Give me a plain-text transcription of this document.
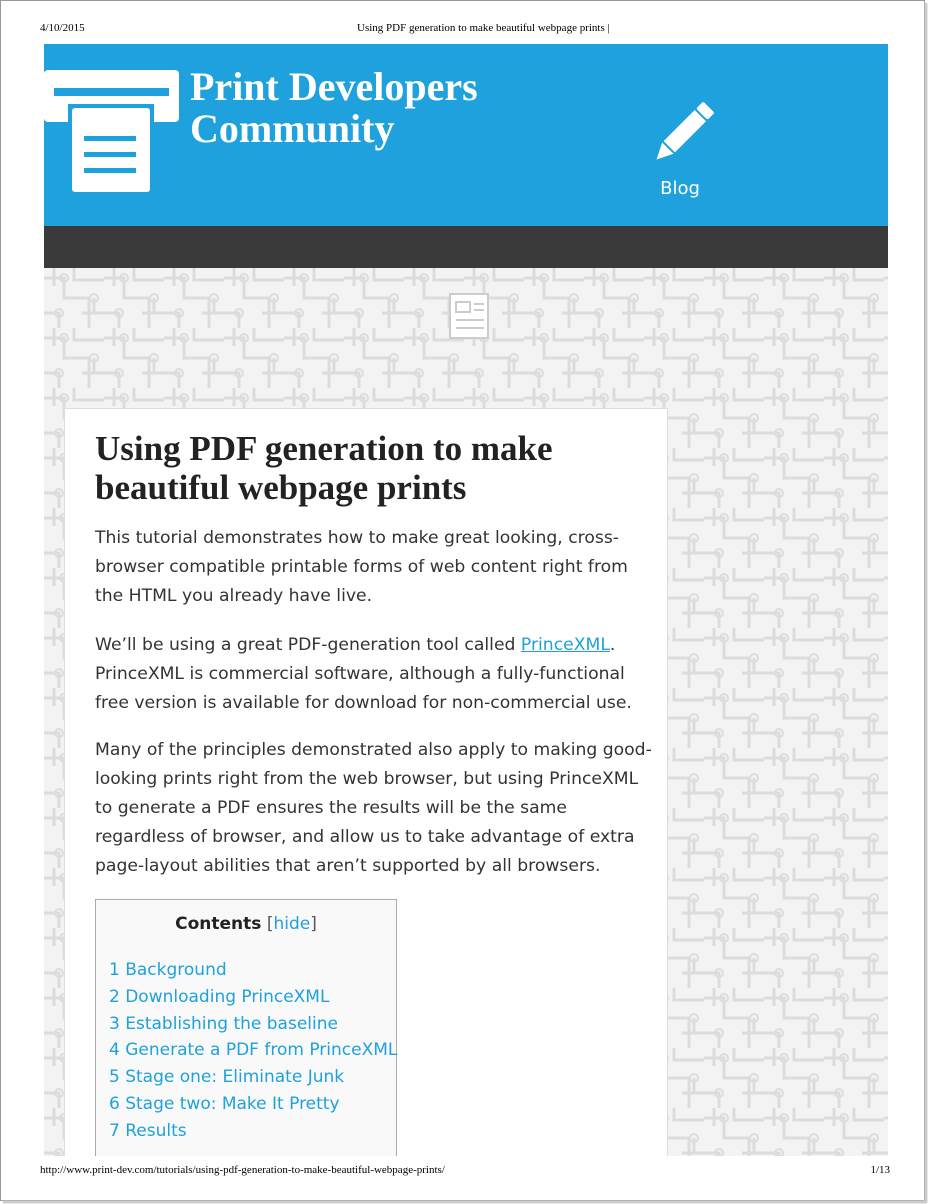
4/10/2015	Using PDF generation to make beautiful webpage prints |
Print Developers
Community
Blog
Using PDF generation to make beautiful webpage prints

This tutorial demonstrates how to make great looking, cross-browser compatible printable forms of web content right from the HTML you already have live.

We’ll be using a great PDF-generation tool called PrinceXML. PrinceXML is commercial software, although a fully-functional free version is available for download for non-commercial use.

Many of the principles demonstrated also apply to making good-looking prints right from the web browser, but using PrinceXML to generate a PDF ensures the results will be the same regardless of browser, and allow us to take advantage of extra page-layout abilities that aren’t supported by all browsers.

Contents [hide]
1 Background
2 Downloading PrinceXML
3 Establishing the baseline
4 Generate a PDF from PrinceXML
5 Stage one: Eliminate Junk
6 Stage two: Make It Pretty
7 Results
http://www.print-dev.com/tutorials/using-pdf-generation-to-make-beautiful-webpage-prints/	1/13
